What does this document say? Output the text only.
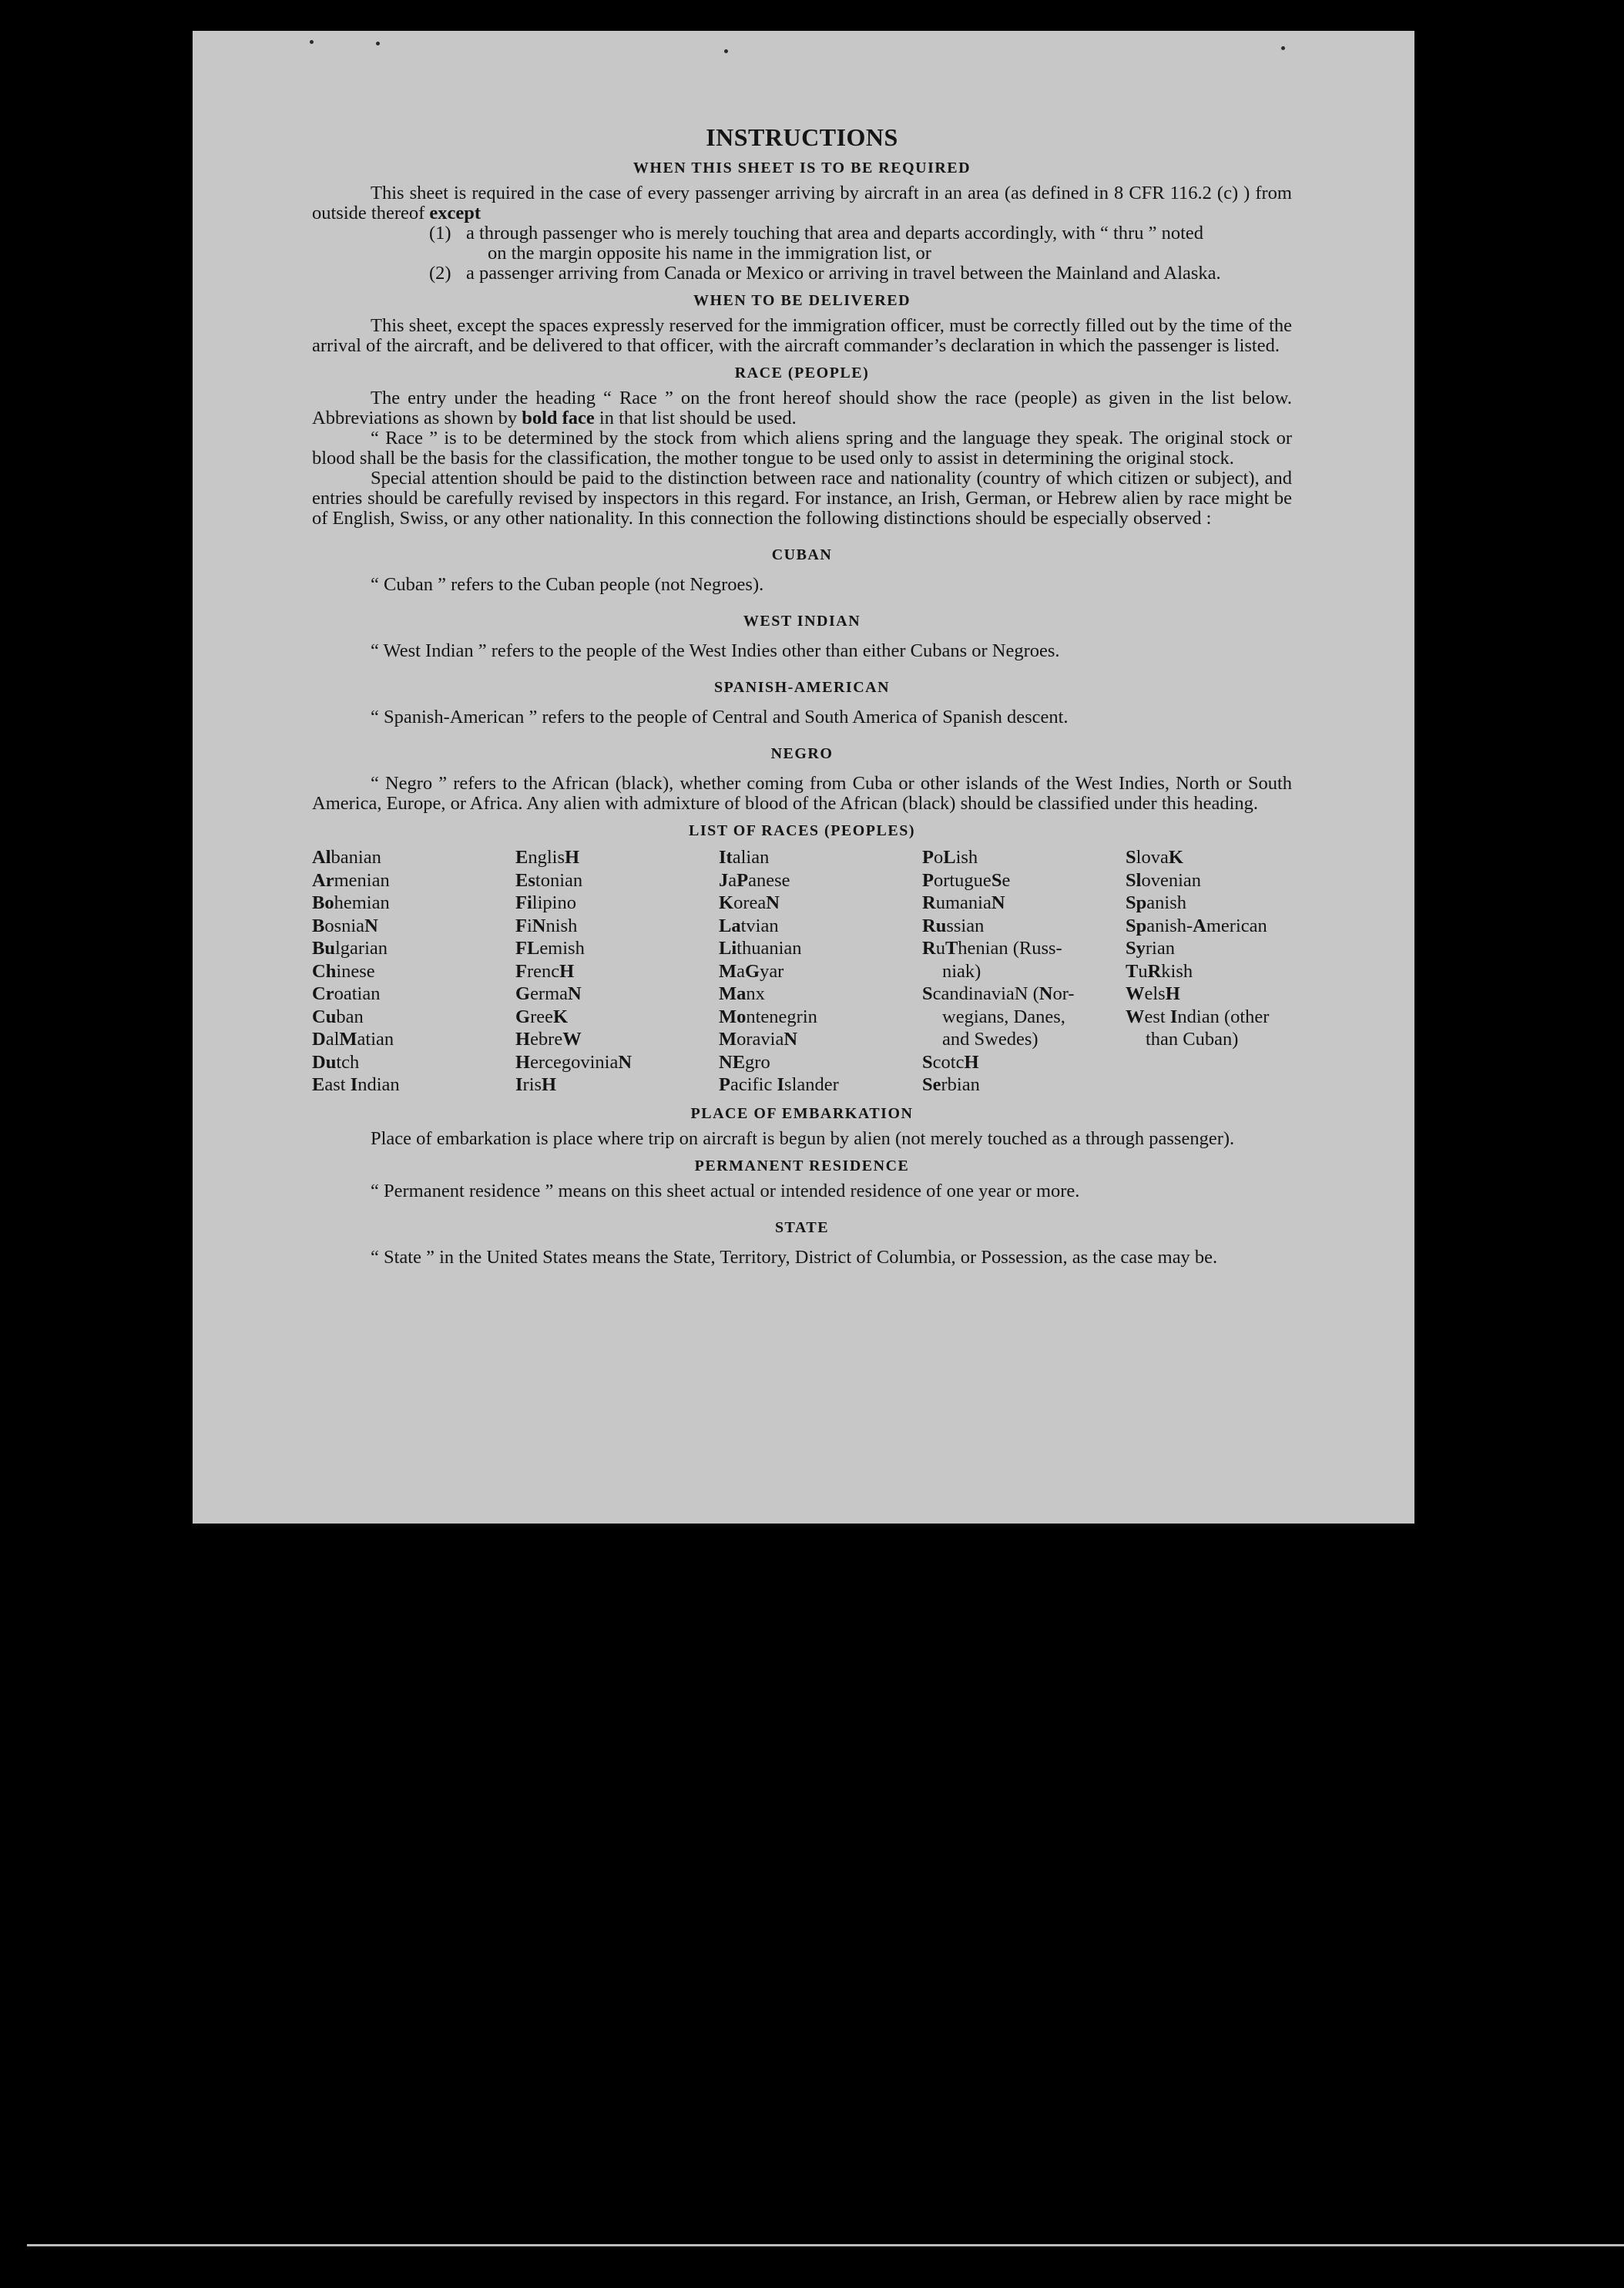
INSTRUCTIONS
WHEN THIS SHEET IS TO BE REQUIRED

This sheet is required in the case of every passenger arriving by aircraft in an area (as defined in 8 CFR 116.2 (c) ) from outside thereof except

(1) a through passenger who is merely touching that area and departs accordingly, with “ thru ” noted
on the margin opposite his name in the immigration list, or
(2) a passenger arriving from Canada or Mexico or arriving in travel between the Mainland and Alaska.
WHEN TO BE DELIVERED

This sheet, except the spaces expressly reserved for the immigration officer, must be correctly filled out by the time of the arrival of the aircraft, and be delivered to that officer, with the aircraft commander’s declaration in which the passenger is listed.

RACE (PEOPLE)

The entry under the heading “ Race ” on the front hereof should show the race (people) as given in the list below. Abbreviations as shown by bold face in that list should be used.

“ Race ” is to be determined by the stock from which aliens spring and the language they speak. The original stock or blood shall be the basis for the classification, the mother tongue to be used only to assist in determining the original stock.

Special attention should be paid to the distinction between race and nationality (country of which citizen or subject), and entries should be carefully revised by inspectors in this regard. For instance, an Irish, German, or Hebrew alien by race might be of English, Swiss, or any other nationality. In this connection the following distinctions should be especially observed :

CUBAN

“ Cuban ” refers to the Cuban people (not Negroes).

WEST INDIAN

“ West Indian ” refers to the people of the West Indies other than either Cubans or Negroes.

SPANISH-AMERICAN

“ Spanish-American ” refers to the people of Central and South America of Spanish descent.

NEGRO

“ Negro ” refers to the African (black), whether coming from Cuba or other islands of the West Indies, North or South America, Europe, or Africa. Any alien with admixture of blood of the African (black) should be classified under this heading.

LIST OF RACES (PEOPLES)
Albanian
Armenian
Bohemian
BosniaN
Bulgarian
Chinese
Croatian
Cuban
DalMatian
Dutch
East Indian
EnglisH
Estonian
Filipino
FiNnish
FLemish
FrencH
GermaN
GreeK
HebreW
HercegoviniaN
IrisH
Italian
JaPanese
KoreaN
Latvian
Lithuanian
MaGyar
Manx
Montenegrin
MoraviaN
NEgro
Pacific Islander
PoLish
PortugueSe
RumaniaN
Russian
RuThenian (Russ-
niak)
ScandinaviaN (Nor-
wegians, Danes,
and Swedes)
ScotcH
Serbian
SlovaK
Slovenian
Spanish
Spanish-American
Syrian
TuRkish
WelsH
West Indian (other
than Cuban)
PLACE OF EMBARKATION

Place of embarkation is place where trip on aircraft is begun by alien (not merely touched as a through passenger).

PERMANENT RESIDENCE

“ Permanent residence ” means on this sheet actual or intended residence of one year or more.

STATE

“ State ” in the United States means the State, Territory, District of Columbia, or Possession, as the case may be.
